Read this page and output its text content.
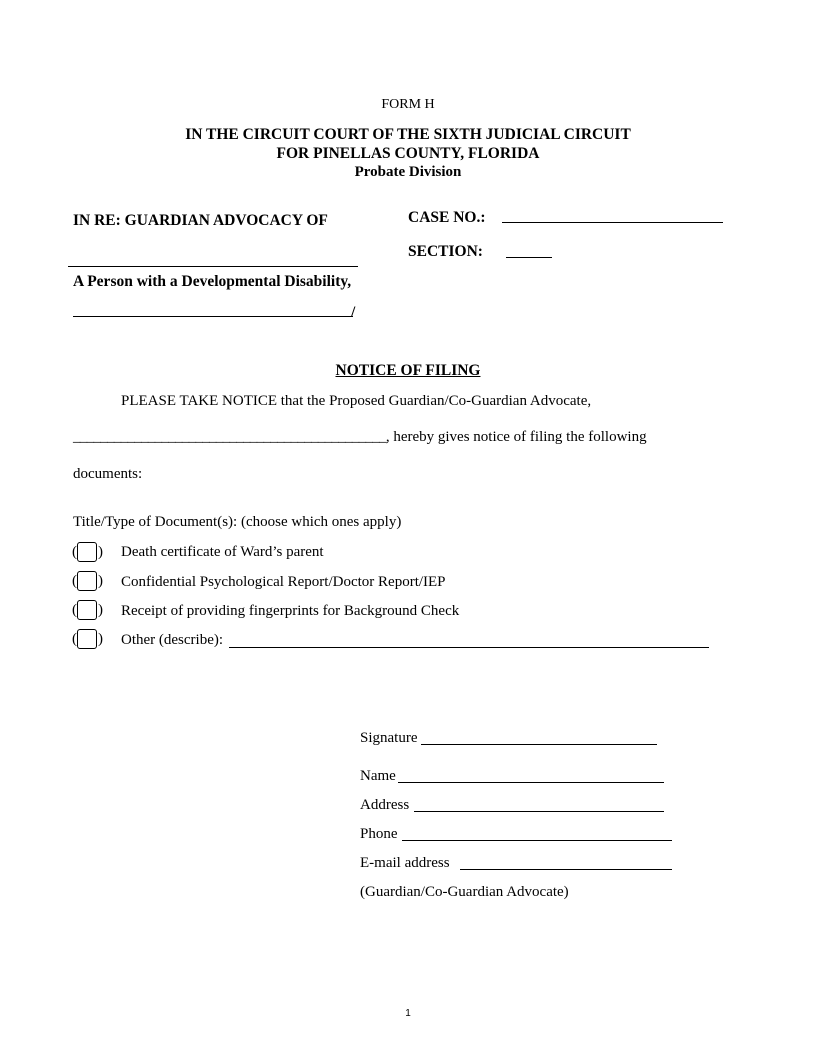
FORM H
IN THE CIRCUIT COURT OF THE SIXTH JUDICIAL CIRCUIT
FOR PINELLAS COUNTY, FLORIDA
Probate Division
IN RE: GUARDIAN ADVOCACY OF
A Person with a Developmental Disability,
/
CASE NO.:
SECTION:
NOTICE OF FILING
PLEASE TAKE NOTICE that the Proposed Guardian/Co-Guardian Advocate,
______________________________________________, hereby gives notice of filing the following
documents:
Title/Type of Document(s): (choose which ones apply)
( ) Death certificate of Ward’s parent
( ) Confidential Psychological Report/Doctor Report/IEP
( ) Receipt of providing fingerprints for Background Check
( ) Other (describe):
Signature
Name
Address
Phone
E-mail address
(Guardian/Co-Guardian Advocate)
1
